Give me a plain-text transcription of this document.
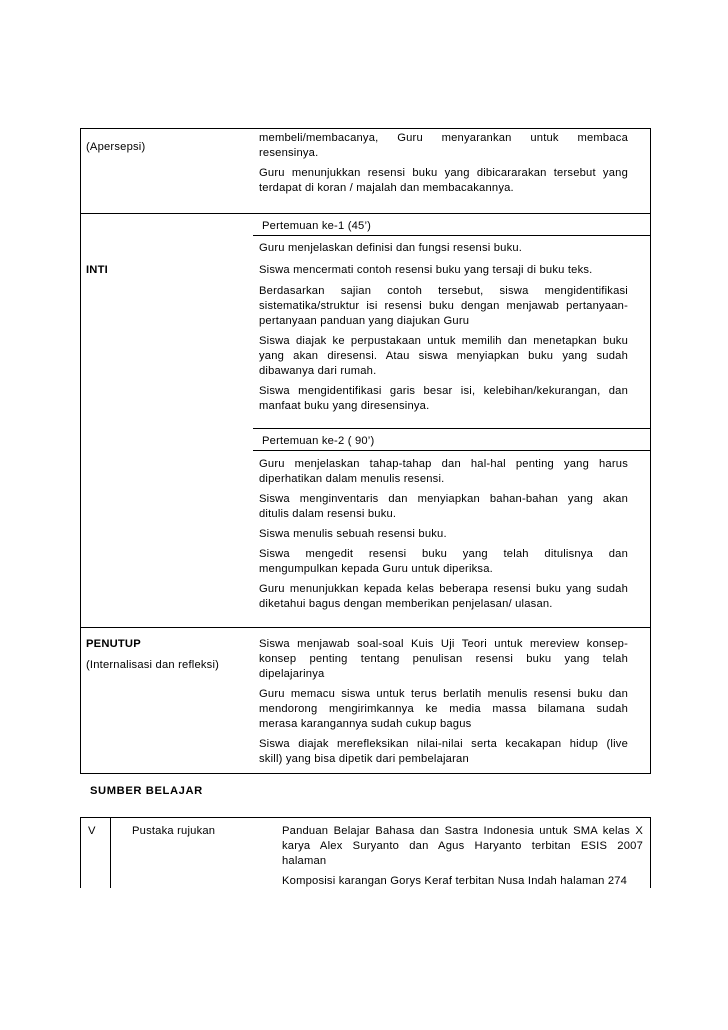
(Apersepsi)
membeli/membacanya, Guru menyarankan untuk membaca
resensinya.
Guru menunjukkan resensi buku yang dibicararakan tersebut yang
terdapat di koran / majalah dan membacakannya.
INTI
Pertemuan ke-1 (45’)
Guru menjelaskan definisi dan fungsi resensi buku.
Siswa mencermati contoh resensi buku yang tersaji di buku teks.
Berdasarkan sajian contoh tersebut, siswa mengidentifikasi
sistematika/struktur isi resensi buku dengan menjawab pertanyaan-
pertanyaan panduan yang diajukan Guru
Siswa diajak ke perpustakaan untuk memilih dan menetapkan buku
yang akan diresensi. Atau siswa menyiapkan buku yang sudah
dibawanya dari rumah.
Siswa mengidentifikasi garis besar isi, kelebihan/kekurangan, dan
manfaat buku yang diresensinya.
Pertemuan ke-2 ( 90’)
Guru menjelaskan tahap-tahap dan hal-hal penting yang harus
diperhatikan dalam menulis resensi.
Siswa menginventaris dan menyiapkan bahan-bahan yang akan
ditulis dalam resensi buku.
Siswa menulis sebuah resensi buku.
Siswa mengedit resensi buku yang telah ditulisnya dan
mengumpulkan kepada Guru untuk diperiksa.
Guru menunjukkan kepada kelas beberapa resensi buku yang sudah
diketahui bagus dengan memberikan penjelasan/ ulasan.
PENUTUP
(Internalisasi dan refleksi)
Siswa menjawab soal-soal Kuis Uji Teori untuk mereview konsep-
konsep penting tentang penulisan resensi buku yang telah
dipelajarinya
Guru memacu siswa untuk terus berlatih menulis resensi buku dan
mendorong mengirimkannya ke media massa bilamana sudah
merasa karangannya sudah cukup bagus
Siswa diajak merefleksikan nilai-nilai serta kecakapan hidup (live
skill) yang bisa dipetik dari pembelajaran
SUMBER BELAJAR
V	Pustaka rujukan	Panduan Belajar Bahasa dan Sastra Indonesia untuk SMA kelas X
karya Alex Suryanto dan Agus Haryanto terbitan ESIS 2007
halaman
Komposisi karangan Gorys Keraf terbitan Nusa Indah halaman 274
